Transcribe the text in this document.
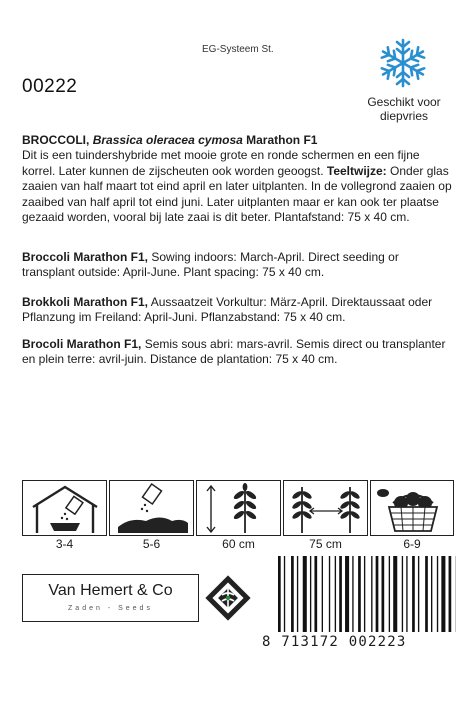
EG-Systeem St.
00222
Geschikt voor
diepvries
BROCCOLI, Brassica oleracea cymosa Marathon F1
Dit is een tuindershybride met mooie grote en ronde schermen en een fijne korrel. Later kunnen de zijscheuten ook worden geoogst. Teeltwijze: Onder glas zaaien van half maart tot eind april en later uitplanten. In de vollegrond zaaien op zaaibed van half april tot eind juni. Later uitplanten maar er kan ook ter plaatse gezaaid worden, vooral bij late zaai is dit beter. Plantafstand: 75 x 40 cm.
Broccoli Marathon F1, Sowing indoors: March-April. Direct seeding or transplant outside: April-June. Plant spacing: 75 x 40 cm.
Brokkoli Marathon F1, Aussaatzeit Vorkultur: März-April. Direktaussaat oder Pflanzung im Freiland: April-Juni. Pflanzabstand: 75 x 40 cm.
Brocoli Marathon F1, Semis sous abri: mars-avril. Semis direct ou transplanter en plein terre: avril-juin. Distance de plantation: 75 x 40 cm.
3-4	5-6	60 cm	75 cm	6-9
Van Hemert & Co
Zaden - Seeds
8 713172 002223
